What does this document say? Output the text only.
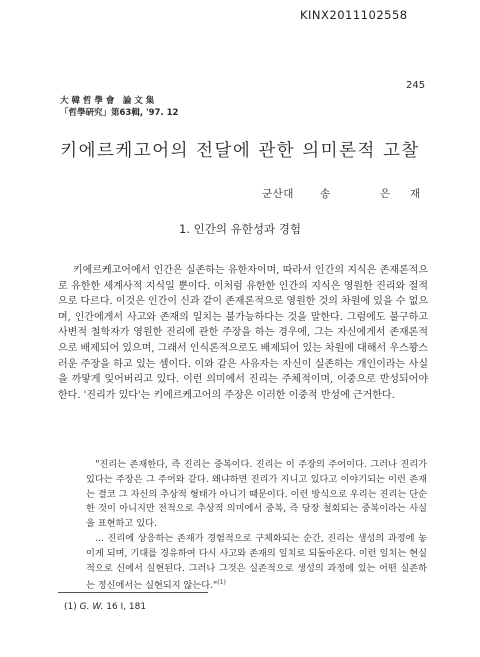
KINX2011102558
245
大 韓 哲 學 會　論 文 集
「哲學硏究」第63輯, '97. 12
키에르케고어의 전달에 관한 의미론적 고찰
군산대 송	은 재
1. 인간의 유한성과 경험
키에르케고어에서 인간은 실존하는 유한자이며, 따라서 인간의 지식은 존재론적으로 유한한 세계사적 지식일 뿐이다. 이처럼 유한한 인간의 지식은 영원한 진리와 절적으로 다르다. 이것은 인간이 신과 같이 존재론적으로 영원한 것의 차원에 있을 수 없으며, 인간에게서 사고와 존재의 일치는 불가능하다는 것을 말한다. 그럼에도 불구하고 사변적 철학자가 영원한 진리에 관한 주장을 하는 경우에, 그는 자신에게서 존재론적으로 배제되어 있으며, 그래서 인식론적으로도 배제되어 있는 차원에 대해서 우스꽝스러운 주장을 하고 있는 셈이다. 이와 같은 사유자는 자신이 실존하는 개인이라는 사실을 까맣게 잊어버리고 있다. 이런 의미에서 진리는 주체적이며, 이중으로 반성되어야 한다. '진리가 있다'는 키에르케고어의 주장은 이러한 이중적 반성에 근거한다.

"진리는 존재한다, 즉 진리는 중복이다. 진리는 이 주장의 주어이다. 그러나 진리가 있다는 주장은 그 주어와 같다. 왜냐하면 진리가 지니고 있다고 이야기되는 이런 존재는 결코 그 자신의 추상적 형태가 아니기 때문이다. 이런 방식으로 우리는 진리는 단순한 것이 아니지만 전적으로 추상적 의미에서 중복, 즉 당장 철회되는 중복이라는 사실을 표현하고 있다.

... 진리에 상응하는 존재가 경험적으로 구체화되는 순간, 진리는 생성의 과정에 놓이게 되며, 기대를 경유하여 다시 사고와 존재의 일치로 되돌아온다. 이런 일치는 현실적으로 신에서 실현된다. 그러나 그것은 실존적으로 생성의 과정에 있는 어떤 실존하는 정신에서는 실현되지 않는다."$^{(1)}$

(1) G. W. 16 I, 181
